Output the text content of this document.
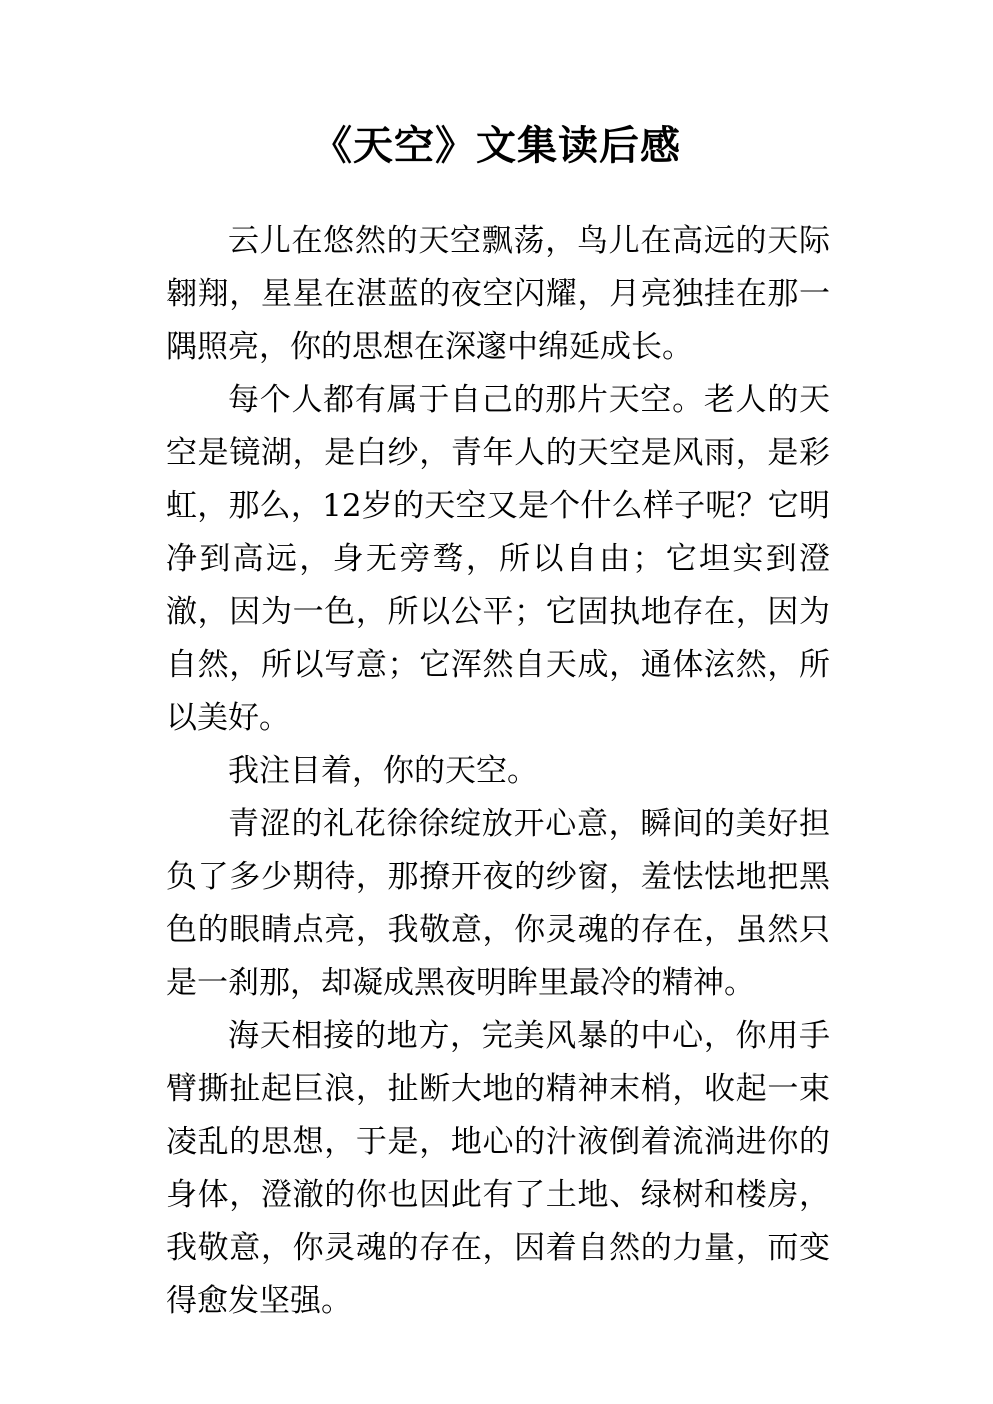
《天空》文集读后感

云儿在悠然的天空飘荡，鸟儿在高远的天际翱翔，星星在湛蓝的夜空闪耀，月亮独挂在那一隅照亮，你的思想在深邃中绵延成长。

每个人都有属于自己的那片天空。老人的天空是镜湖，是白纱，青年人的天空是风雨，是彩虹，那么，12岁的天空又是个什么样子呢？它明净到高远，身无旁骛，所以自由；它坦实到澄澈，因为一色，所以公平；它固执地存在，因为自然，所以写意；它浑然自天成，通体泫然，所以美好。

我注目着，你的天空。

青涩的礼花徐徐绽放开心意，瞬间的美好担负了多少期待，那撩开夜的纱窗，羞怯怯地把黑色的眼睛点亮，我敬意，你灵魂的存在，虽然只是一刹那，却凝成黑夜明眸里最冷的精神。

海天相接的地方，完美风暴的中心，你用手臂撕扯起巨浪，扯断大地的精神末梢，收起一束凌乱的思想，于是，地心的汁液倒着流淌进你的身体，澄澈的你也因此有了土地、绿树和楼房，我敬意，你灵魂的存在，因着自然的力量，而变得愈发坚强。
